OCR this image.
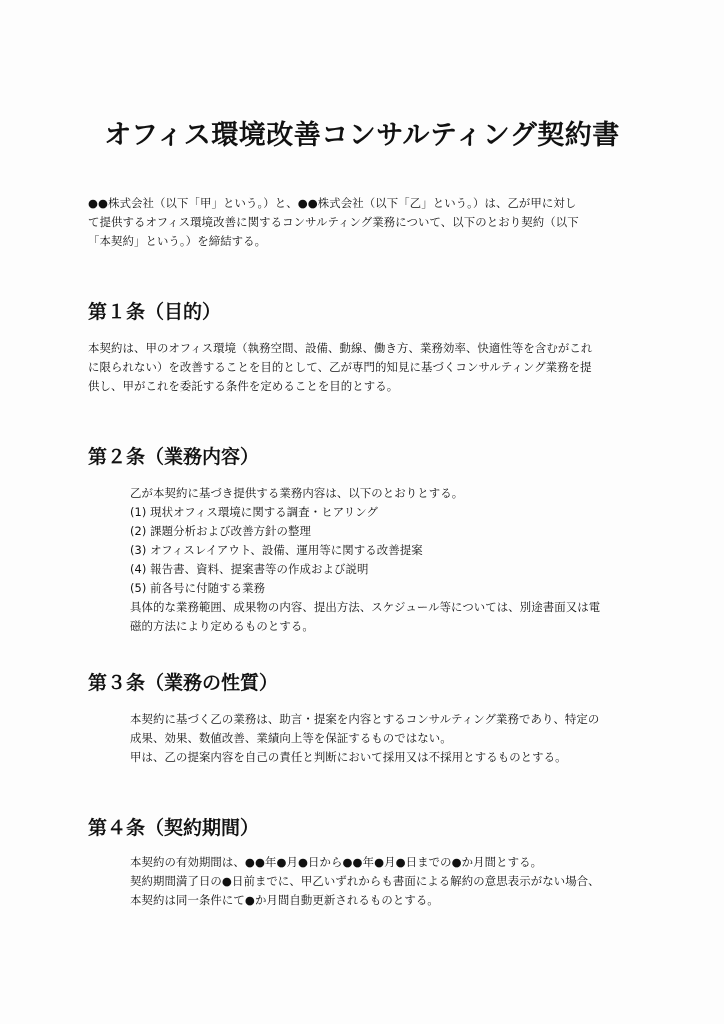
オフィス環境改善コンサルティング契約書
●●株式会社（以下「甲」という。）と、●●株式会社（以下「乙」という。）は、乙が甲に対し
て提供するオフィス環境改善に関するコンサルティング業務について、以下のとおり契約（以下
「本契約」という。）を締結する。
第１条（目的）
本契約は、甲のオフィス環境（執務空間、設備、動線、働き方、業務効率、快適性等を含むがこれ
に限られない）を改善することを目的として、乙が専門的知見に基づくコンサルティング業務を提
供し、甲がこれを委託する条件を定めることを目的とする。
第２条（業務内容）
乙が本契約に基づき提供する業務内容は、以下のとおりとする。
(1) 現状オフィス環境に関する調査・ヒアリング
(2) 課題分析および改善方針の整理
(3) オフィスレイアウト、設備、運用等に関する改善提案
(4) 報告書、資料、提案書等の作成および説明
(5) 前各号に付随する業務
具体的な業務範囲、成果物の内容、提出方法、スケジュール等については、別途書面又は電
磁的方法により定めるものとする。
第３条（業務の性質）
本契約に基づく乙の業務は、助言・提案を内容とするコンサルティング業務であり、特定の
成果、効果、数値改善、業績向上等を保証するものではない。
甲は、乙の提案内容を自己の責任と判断において採用又は不採用とするものとする。
第４条（契約期間）
本契約の有効期間は、●●年●月●日から●●年●月●日までの●か月間とする。
契約期間満了日の●日前までに、甲乙いずれからも書面による解約の意思表示がない場合、
本契約は同一条件にて●か月間自動更新されるものとする。
